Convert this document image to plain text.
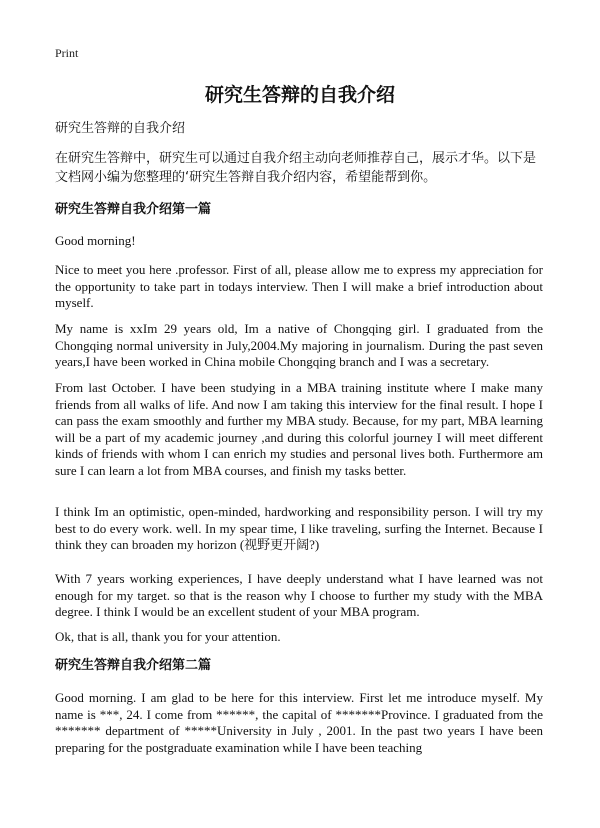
Print
研究生答辩的自我介绍

研究生答辩的自我介绍

在研究生答辩中，研究生可以通过自我介绍主动向老师推荐自己，展示才华。以下是文档网小编为您整理的‘研究生答辩自我介绍内容，希望能帮到你。

研究生答辩自我介绍第一篇

Good morning!

Nice to meet you here .professor. First of all, please allow me to express my appreciation for the opportunity to take part in todays interview. Then I will make a brief introduction about myself.

My name is xxIm 29 years old, Im a native of Chongqing girl. I graduated from the Chongqing normal university in July,2004.My majoring in journalism. During the past seven years,I have been worked in China mobile Chongqing branch and I was a secretary.

From last October. I have been studying in a MBA training institute where I make many friends from all walks of life. And now I am taking this interview for the final result. I hope I can pass the exam smoothly and further my MBA study. Because, for my part, MBA learning will be a part of my academic journey ,and during this colorful journey I will meet different kinds of friends with whom I can enrich my studies and personal lives both. Furthermore am sure I can learn a lot from MBA courses, and finish my tasks better.

I think Im an optimistic, open-minded, hardworking and responsibility person. I will try my best to do every work. well. In my spear time, I like traveling, surfing the Internet. Because I think they can broaden my horizon (视野更开阔?)

With 7 years working experiences, I have deeply understand what I have learned was not enough for my target. so that is the reason why I choose to further my study with the MBA degree. I think I would be an excellent student of your MBA program.

Ok, that is all, thank you for your attention.

研究生答辩自我介绍第二篇

Good morning. I am glad to be here for this interview. First let me introduce myself. My name is ***, 24. I come from ******, the capital of *******Province. I graduated from the ******* department of *****University in July , 2001. In the past two years I have been preparing for the postgraduate examination while I have been teaching
